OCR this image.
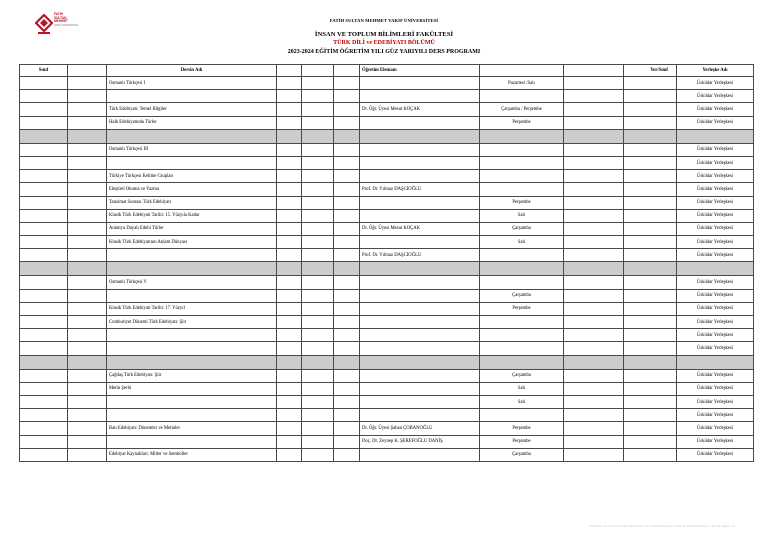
FATİH
SULTAN
MEHMET
VAKIF ÜNİVERSİTESİ
FATİH SULTAN MEHMET VAKIF ÜNİVERSİTESİ
İNSAN VE TOPLUM BİLİMLERİ FAKÜLTESİ
TÜRK DİLİ ve EDEBİYATI BÖLÜMÜ
2023-2024 EĞİTİM ÖĞRETİM YILI GÜZ YARIYILI DERS PROGRAMI
Sınıf		Dersin Adı				Öğretim Elemanı			Yer/Sınıf	Yerleşke Adı
		Osmanlı Türkçesi I					Pazartesi /Salı			Üsküdar Yerleşkesi
										Üsküdar Yerleşkesi
		Türk Edebiyatı: Temel Bilgiler				Dr. Öğr. Üyesi Mesut KOÇAK	Çarşamba / Perşembe			Üsküdar Yerleşkesi
		Halk Edebiyatında Türler					Perşembe			Üsküdar Yerleşkesi

		Osmanlı Türkçesi III								Üsküdar Yerleşkesi
										Üsküdar Yerleşkesi
		Türkiye Türkçesi Kelime Grupları								Üsküdar Yerleşkesi
		Eleştirel Okuma ve Yazma				Prof. Dr. Yılmaz DAŞCIOĞLU				Üsküdar Yerleşkesi
		Tanzimat Sonrası Türk Edebiyatı					Perşembe			Üsküdar Yerleşkesi
		Klasik Türk Edebiyatı Tarihi: 15. Yüzyıla Kadar					Salı			Üsküdar Yerleşkesi
		Anlatıya Dayalı Edebi Türler				Dr. Öğr. Üyesi Mesut KOÇAK	Çarşamba			Üsküdar Yerleşkesi
		Klasik Türk Edebiyatının Anlam Dünyası					Salı			Üsküdar Yerleşkesi
						Prof. Dr. Yılmaz DAŞCIOĞLU				Üsküdar Yerleşkesi

		Osmanlı Türkçesi V								Üsküdar Yerleşkesi
							Çarşamba			Üsküdar Yerleşkesi
		Klasik Türk Edebiyatı Tarihi: 17. Yüzyıl					Perşembe			Üsküdar Yerleşkesi
		Cumhuriyet Dönemi Türk Edebiyatı: Şiir								Üsküdar Yerleşkesi
										Üsküdar Yerleşkesi
										Üsküdar Yerleşkesi

		Çağdaş Türk Edebiyatı: Şiir					Çarşamba			Üsküdar Yerleşkesi
		Metin Şerhi					Salı			Üsküdar Yerleşkesi
							Salı			Üsküdar Yerleşkesi
										Üsküdar Yerleşkesi
		Batı Edebiyatı: Dönemler ve Metinler				Dr. Öğr. Üyesi Şaban ÇOBANOĞLU	Perşembe			Üsküdar Yerleşkesi
						Doç. Dr. Zeynep K. ŞEREFOĞLU DANİŞ	Perşembe			Üsküdar Yerleşkesi
		Edebiyat Kaynakları: Mitler ve Semboller					Çarşamba			Üsküdar Yerleşkesi
Doküman No: KY-FR-074 İlk Yayın Tarihi: 07.10.2019 Revizyon Tarihi: 20.07.2020 Revizyon No: 01 Sayfa: 1/1
